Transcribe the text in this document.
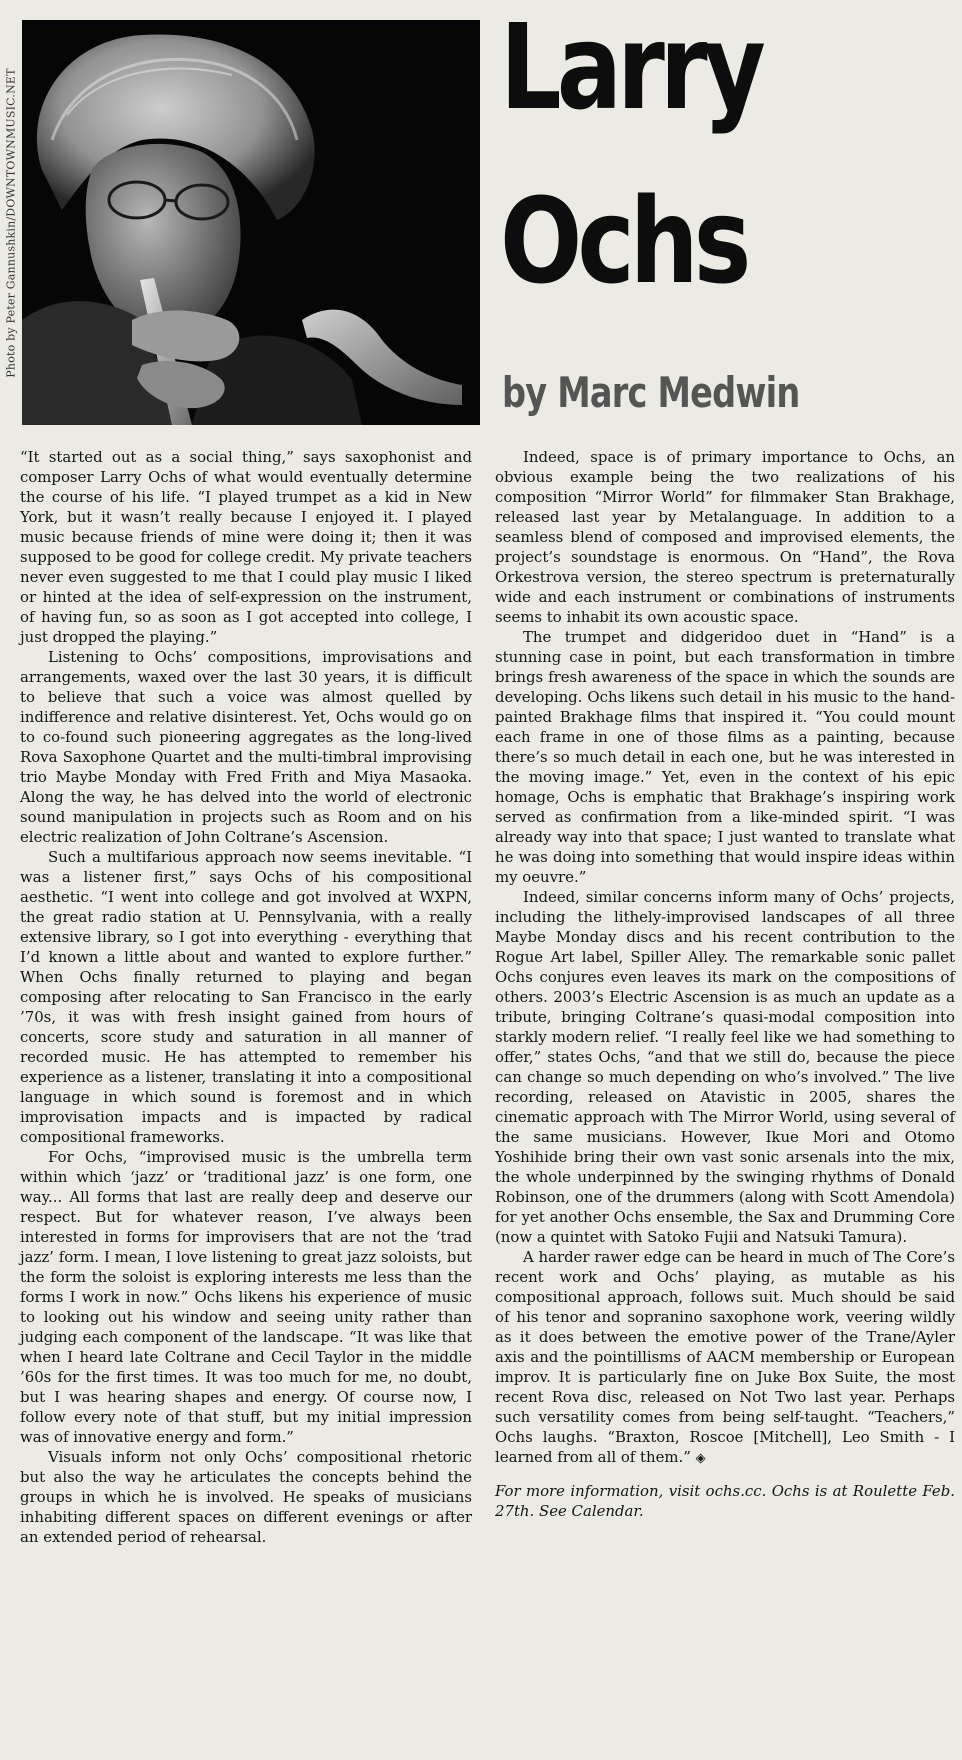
Photo by Peter Gannushkin/DOWNTOWNMUSIC.NET
Larry
Ochs
by Marc Medwin

“It started out as a social thing,” says saxophonist and composer Larry Ochs of what would eventually determine the course of his life. “I played trumpet as a kid in New York, but it wasn’t really because I enjoyed it. I played music because friends of mine were doing it; then it was supposed to be good for college credit. My private teachers never even suggested to me that I could play music I liked or hinted at the idea of self-expression on the instrument, of having fun, so as soon as I got accepted into college, I just dropped the playing.”

Listening to Ochs’ compositions, improvisations and arrangements, waxed over the last 30 years, it is difficult to believe that such a voice was almost quelled by indifference and relative disinterest. Yet, Ochs would go on to co-found such pioneering aggregates as the long-lived Rova Saxophone Quartet and the multi-timbral improvising trio Maybe Monday with Fred Frith and Miya Masaoka. Along the way, he has delved into the world of electronic sound manipulation in projects such as Room and on his electric realization of John Coltrane’s Ascension.

Such a multifarious approach now seems inevitable. “I was a listener first,” says Ochs of his compositional aesthetic. “I went into college and got involved at WXPN, the great radio station at U. Pennsylvania, with a really extensive library, so I got into everything - everything that I’d known a little about and wanted to explore further.” When Ochs finally returned to playing and began composing after relocating to San Francisco in the early ’70s, it was with fresh insight gained from hours of concerts, score study and saturation in all manner of recorded music. He has attempted to remember his experience as a listener, translating it into a compositional language in which sound is foremost and in which improvisation impacts and is impacted by radical compositional frameworks.

For Ochs, “improvised music is the umbrella term within which ‘jazz’ or ‘traditional jazz’ is one form, one way... All forms that last are really deep and deserve our respect. But for whatever reason, I’ve always been interested in forms for improvisers that are not the ‘trad jazz’ form. I mean, I love listening to great jazz soloists, but the form the soloist is exploring interests me less than the forms I work in now.” Ochs likens his experience of music to looking out his window and seeing unity rather than judging each component of the landscape. “It was like that when I heard late Coltrane and Cecil Taylor in the middle ’60s for the first times. It was too much for me, no doubt, but I was hearing shapes and energy. Of course now, I follow every note of that stuff, but my initial impression was of innovative energy and form.”

Visuals inform not only Ochs’ compositional rhetoric but also the way he articulates the concepts behind the groups in which he is involved. He speaks of musicians inhabiting different spaces on different evenings or after an extended period of rehearsal.

Indeed, space is of primary importance to Ochs, an obvious example being the two realizations of his composition “Mirror World” for filmmaker Stan Brakhage, released last year by Metalanguage. In addition to a seamless blend of composed and improvised elements, the project’s soundstage is enormous. On “Hand”, the Rova Orkestrova version, the stereo spectrum is preternaturally wide and each instrument or combinations of instruments seems to inhabit its own acoustic space.

The trumpet and didgeridoo duet in “Hand” is a stunning case in point, but each transformation in timbre brings fresh awareness of the space in which the sounds are developing. Ochs likens such detail in his music to the hand-painted Brakhage films that inspired it. “You could mount each frame in one of those films as a painting, because there’s so much detail in each one, but he was interested in the moving image.” Yet, even in the context of his epic homage, Ochs is emphatic that Brakhage’s inspiring work served as confirmation from a like-minded spirit. “I was already way into that space; I just wanted to translate what he was doing into something that would inspire ideas within my oeuvre.”

Indeed, similar concerns inform many of Ochs’ projects, including the lithely-improvised landscapes of all three Maybe Monday discs and his recent contribution to the Rogue Art label, Spiller Alley. The remarkable sonic pallet Ochs conjures even leaves its mark on the compositions of others. 2003’s Electric Ascension is as much an update as a tribute, bringing Coltrane’s quasi-modal composition into starkly modern relief. “I really feel like we had something to offer,” states Ochs, “and that we still do, because the piece can change so much depending on who’s involved.” The live recording, released on Atavistic in 2005, shares the cinematic approach with The Mirror World, using several of the same musicians. However, Ikue Mori and Otomo Yoshihide bring their own vast sonic arsenals into the mix, the whole underpinned by the swinging rhythms of Donald Robinson, one of the drummers (along with Scott Amendola) for yet another Ochs ensemble, the Sax and Drumming Core (now a quintet with Satoko Fujii and Natsuki Tamura).

A harder rawer edge can be heard in much of The Core’s recent work and Ochs’ playing, as mutable as his compositional approach, follows suit. Much should be said of his tenor and sopranino saxophone work, veering wildly as it does between the emotive power of the Trane/Ayler axis and the pointillisms of AACM membership or European improv. It is particularly fine on Juke Box Suite, the most recent Rova disc, released on Not Two last year. Perhaps such versatility comes from being self-taught. “Teachers,” Ochs laughs. “Braxton, Roscoe [Mitchell], Leo Smith - I learned from all of them.” ◈

For more information, visit ochs.cc. Ochs is at Roulette Feb. 27th. See Calendar.
